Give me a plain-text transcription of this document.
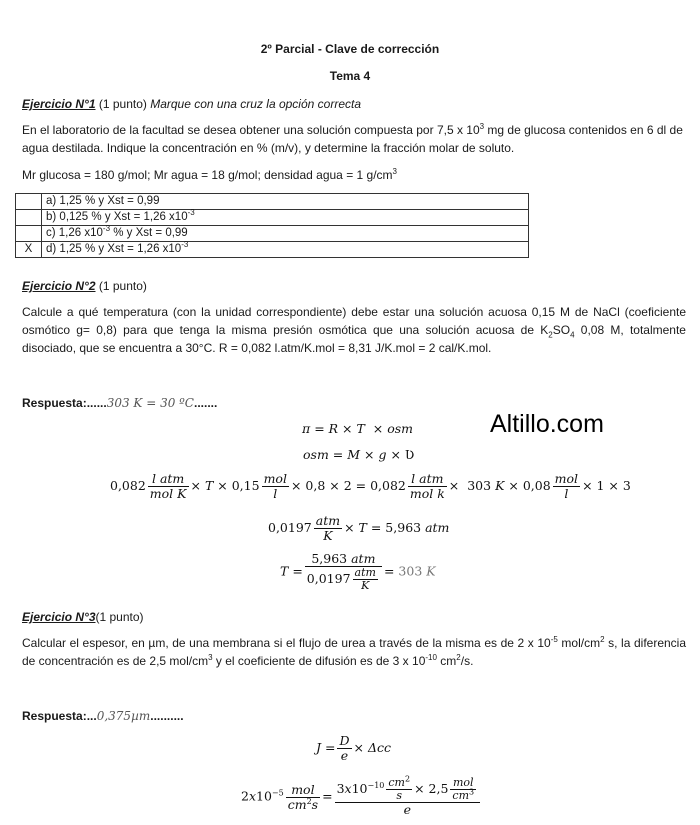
2º Parcial - Clave de corrección
Tema 4
Ejercicio N°1 (1 punto) Marque con una cruz la opción correcta
En el laboratorio de la facultad se desea obtener una solución compuesta por 7,5 x $10^3$ mg de glucosa contenidos en 6 dl de agua destilada. Indique la concentración en % (m/v), y determine la fracción molar de soluto.
Mr glucosa = 180 g/mol; Mr agua = 18 g/mol; densidad agua = 1 $g/cm^3$
	a) 1,25 % y Xst = 0,99
	b) 0,125 % y Xst = 1,26 $x10^{-3}$
	c) 1,26 $x10^{-3}$ % y Xst = 0,99
X	d) 1,25 % y Xst = 1,26 $x10^{-3}$
Ejercicio N°2 (1 punto)
Calcule a qué temperatura (con la unidad correspondiente) debe estar una solución acuosa 0,15 M de NaCl (coeficiente osmótico g= 0,8) para que tenga la misma presión osmótica que una solución acuosa de $K_2SO_4$ 0,08 M, totalmente disociado, que se encuentra a 30°C. R = 0,082 l.atm/K.mol = 8,31 J/K.mol = 2 cal/K.mol.
Respuesta:......303 K = 30 ºC.......
Altillo.com
π = R × T  × osm
osm = M × g × Ʋ
$0,082 \frac{\text{l atm}}{\text{mol K}} \times T \times 0,15 \frac{\text{mol}}{l} \times 0,8 \times 2 = 0,082 \frac{\text{l atm}}{\text{mol k}} \times 303$ $K \times 0,08 \frac{\text{mol}}{l} \times 1 \times 3$
$0,0197 \frac{\text{atm}}{K} \times T = 5,963$ atm
$T = \frac{\text{5,963 atm}}{0,0197 \frac{\text{atm}}{K}} = 303$ K
Ejercicio N°3(1 punto)
Calcular el espesor, en µm, de una membrana si el flujo de urea a través de la misma es de 2 x $10^{-5}$ mol/$cm^2$ s, la diferencia de concentración es de 2,5 mol/$cm^3$ y el coeficiente de difusión es de 3 x $10^{-10}$ $cm^2/s$.
Respuesta:...0,375µm..........
$J = \frac{D}{e} \times \Delta cc$
$2x10^{-5} \frac{\text{mol}}{cm^2s} = \frac{3x10^{-10} \frac{cm^2}{s} \times 2,5 \frac{\text{mol}}{cm^3}}{e}$
